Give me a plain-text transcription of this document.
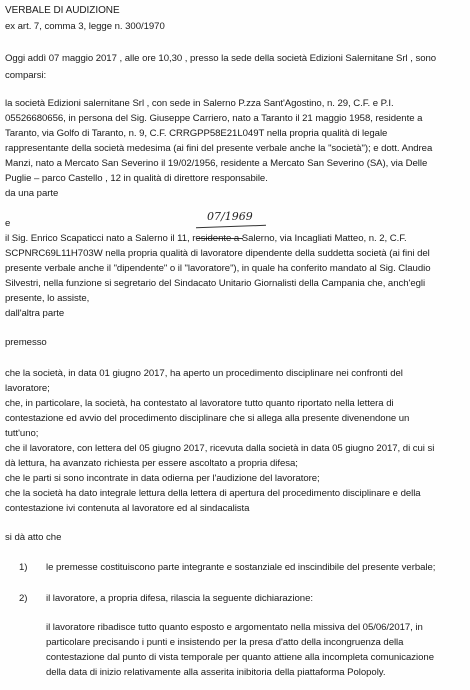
VERBALE DI AUDIZIONE
ex art. 7, comma 3, legge n. 300/1970
Oggi addì 07 maggio 2017 , alle ore 10,30 , presso la sede della società Edizioni Salernitane Srl , sono
comparsi:
la società Edizioni salernitane Srl , con sede in Salerno P.zza Sant'Agostino, n. 29, C.F. e P.I.
05526680656, in persona del Sig. Giuseppe Carriero, nato a Taranto il 21 maggio 1958, residente a
Taranto, via Golfo di Taranto, n. 9, C.F. CRRGPP58E21L049T nella propria qualità di legale
rappresentante della società medesima (ai fini del presente verbale anche la "società"); e dott. Andrea
Manzi, nato a Mercato San Severino il 19/02/1956, residente a Mercato San Severino (SA), via Delle
Puglie – parco Castello , 12 in qualità di direttore responsabile.
da una parte
e
07/1969
il Sig. Enrico Scapaticci nato a Salerno il 11, residente a Salerno, via Incagliati Matteo, n. 2, C.F.
SCPNRC69L11H703W nella propria qualità di lavoratore dipendente della suddetta società (ai fini del
presente verbale anche il "dipendente" o il "lavoratore"), in quale ha conferito mandato al Sig. Claudio
Silvestri, nella funzione si segretario del Sindacato Unitario Giornalisti della Campania che, anch'egli
presente, lo assiste,
dall'altra parte
premesso
che la società, in data 01 giugno 2017, ha aperto un procedimento disciplinare nei confronti del
lavoratore;
che, in particolare, la società, ha contestato al lavoratore tutto quanto riportato nella lettera di
contestazione ed avvio del procedimento disciplinare che si allega alla presente divenendone un
tutt'uno;
che il lavoratore, con lettera del 05 giugno 2017, ricevuta dalla società in data 05 giugno 2017, di cui si
dà lettura, ha avanzato richiesta per essere ascoltato a propria difesa;
che le parti si sono incontrate in data odierna per l'audizione del lavoratore;
che la società ha dato integrale lettura della lettera di apertura del procedimento disciplinare e della
contestazione ivi contenuta al lavoratore ed al sindacalista
si dà atto che
1) le premesse costituiscono parte integrante e sostanziale ed inscindibile del presente verbale;
2) il lavoratore, a propria difesa, rilascia la seguente dichiarazione:
il lavoratore ribadisce tutto quanto esposto e argomentato nella missiva del 05/06/2017, in
particolare precisando i punti e insistendo per la presa d'atto della incongruenza della
contestazione dal punto di vista temporale per quanto attiene alla incompleta comunicazione
della data di inizio relativamente alla asserita inibitoria della piattaforma Polopoly.
